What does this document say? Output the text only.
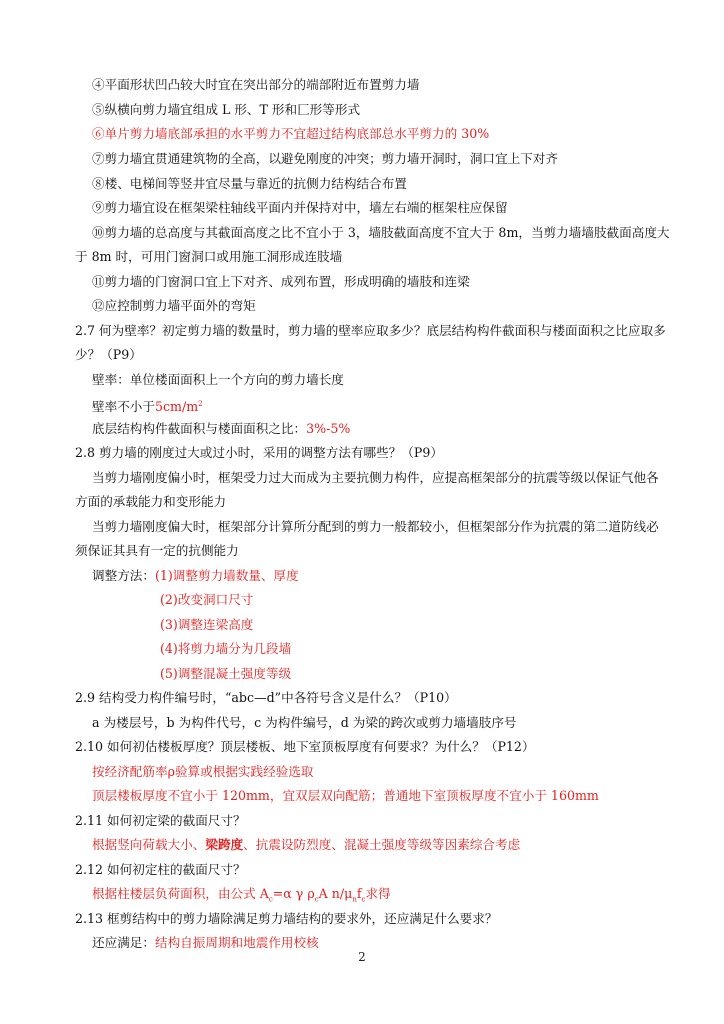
④平面形状凹凸较大时宜在突出部分的端部附近布置剪力墙
⑤纵横向剪力墙宜组成 L 形、T 形和匚形等形式
⑥单片剪力墙底部承担的水平剪力不宜超过结构底部总水平剪力的 30%
⑦剪力墙宜贯通建筑物的全高，以避免刚度的冲突；剪力墙开洞时，洞口宜上下对齐
⑧楼、电梯间等竖井宜尽量与靠近的抗侧力结构结合布置
⑨剪力墙宜设在框架梁柱轴线平面内并保持对中，墙左右端的框架柱应保留
⑩剪力墙的总高度与其截面高度之比不宜小于 3，墙肢截面高度不宜大于 8m，当剪力墙墙肢截面高度大
于 8m 时，可用门窗洞口或用施工洞形成连肢墙
⑪剪力墙的门窗洞口宜上下对齐、成列布置，形成明确的墙肢和连梁
⑫应控制剪力墙平面外的弯矩
2.7 何为壁率？初定剪力墙的数量时，剪力墙的壁率应取多少？底层结构构件截面积与楼面面积之比应取多
少？（P9）
壁率：单位楼面面积上一个方向的剪力墙长度
壁率不小于$5cm/m^2$
底层结构构件截面积与楼面面积之比：3%-5%
2.8 剪力墙的刚度过大或过小时，采用的调整方法有哪些？（P9）
当剪力墙刚度偏小时，框架受力过大而成为主要抗侧力构件，应提高框架部分的抗震等级以保证气他各
方面的承载能力和变形能力
当剪力墙刚度偏大时，框架部分计算所分配到的剪力一般都较小，但框架部分作为抗震的第二道防线必
须保证其具有一定的抗侧能力
调整方法：(1)调整剪力墙数量、厚度
(2)改变洞口尺寸
(3)调整连梁高度
(4)将剪力墙分为几段墙
(5)调整混凝土强度等级
2.9 结构受力构件编号时，“abc—d”中各符号含义是什么？（P10）
a 为楼层号，b 为构件代号，c 为构件编号，d 为梁的跨次或剪力墙墙肢序号
2.10 如何初估楼板厚度？顶层楼板、地下室顶板厚度有何要求？为什么？（P12）
按经济配筋率ρ验算或根据实践经验选取
顶层楼板厚度不宜小于 120mm，宜双层双向配筋；普通地下室顶板厚度不宜小于 160mm
2.11 如何初定梁的截面尺寸？
根据竖向荷载大小、梁跨度、抗震设防烈度、混凝土强度等级等因素综合考虑
2.12 如何初定柱的截面尺寸？
根据柱楼层负荷面积，由公式 $A_c=\alpha$ γ $\rho_cA$ $n/\mu_nf_c$求得
2.13 框剪结构中的剪力墙除满足剪力墙结构的要求外，还应满足什么要求？
还应满足：结构自振周期和地震作用校核
2
